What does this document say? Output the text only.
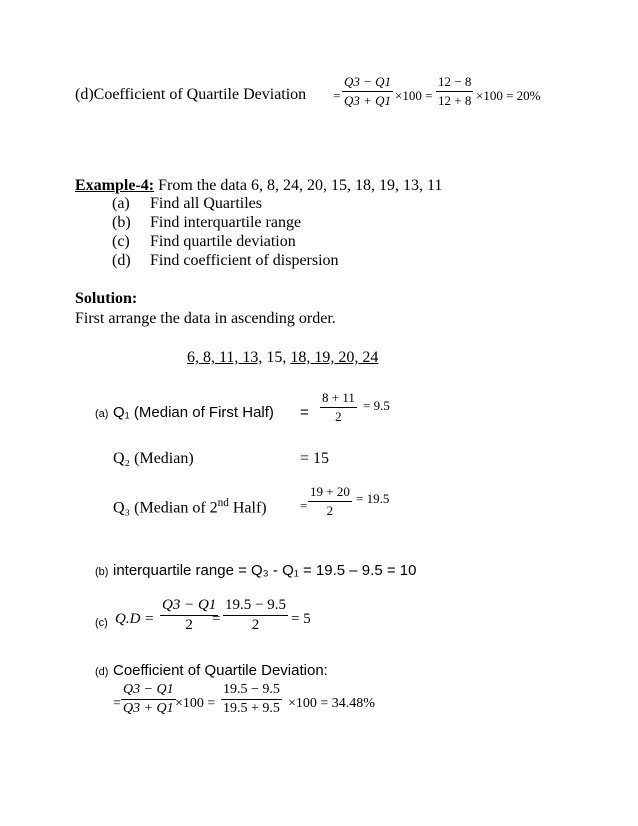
(d)Coefficient of Quartile Deviation =
Q3 − Q1
Q3 + Q1 ×100 =
12 − 8
12 + 8 ×100 = 20%
Example-4: From the data 6, 8, 24, 20, 15, 18, 19, 13, 11
(a) Find all Quartiles
(b) Find interquartile range
(c) Find quartile deviation
(d) Find coefficient of dispersion
Solution:
First arrange the data in ascending order.
6, 8, 11, 13, 15, 18, 19, 20, 24
(a) Q₁ (Median of First Half) =
8 + 11
2
= 9.5
Q₂ (Median)	= 15
Q₃ (Median of 2nd Half)	=
19 + 20
2
= 19.5
(b) interquartile range = Q₃ - Q₁ = 19.5 – 9.5 = 10
(c) Q.D =
Q3 − Q1
2	=
19.5 − 9.5
2	= 5
(d) Coefficient of Quartile Deviation:
=
Q3 − Q1
Q3 + Q1 ×100 =
19.5 − 9.5
19.5 + 9.5 ×100 = 34.48%
